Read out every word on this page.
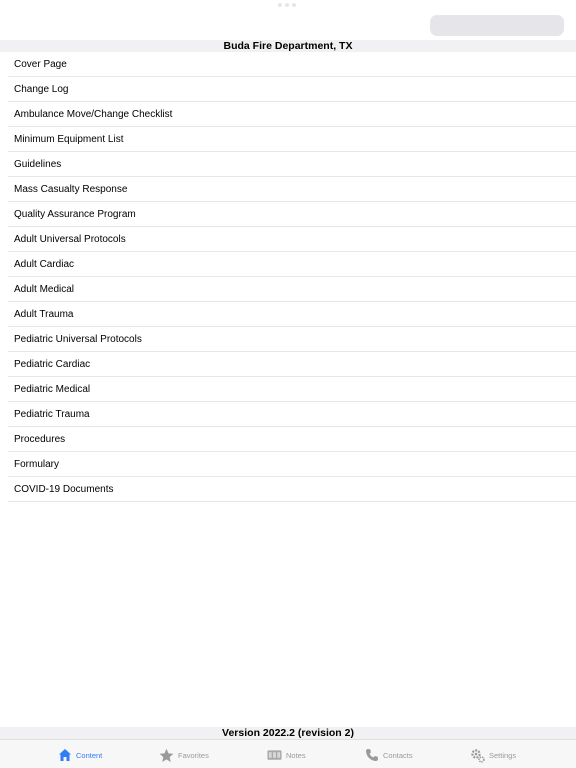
Buda Fire Department, TX
Cover Page
Change Log
Ambulance Move/Change Checklist
Minimum Equipment List
Guidelines
Mass Casualty Response
Quality Assurance Program
Adult Universal Protocols
Adult Cardiac
Adult Medical
Adult Trauma
Pediatric Universal Protocols
Pediatric Cardiac
Pediatric Medical
Pediatric Trauma
Procedures
Formulary
COVID-19 Documents
Version 2022.2 (revision 2)
Content	Favorites	Notes	Contacts	Settings
